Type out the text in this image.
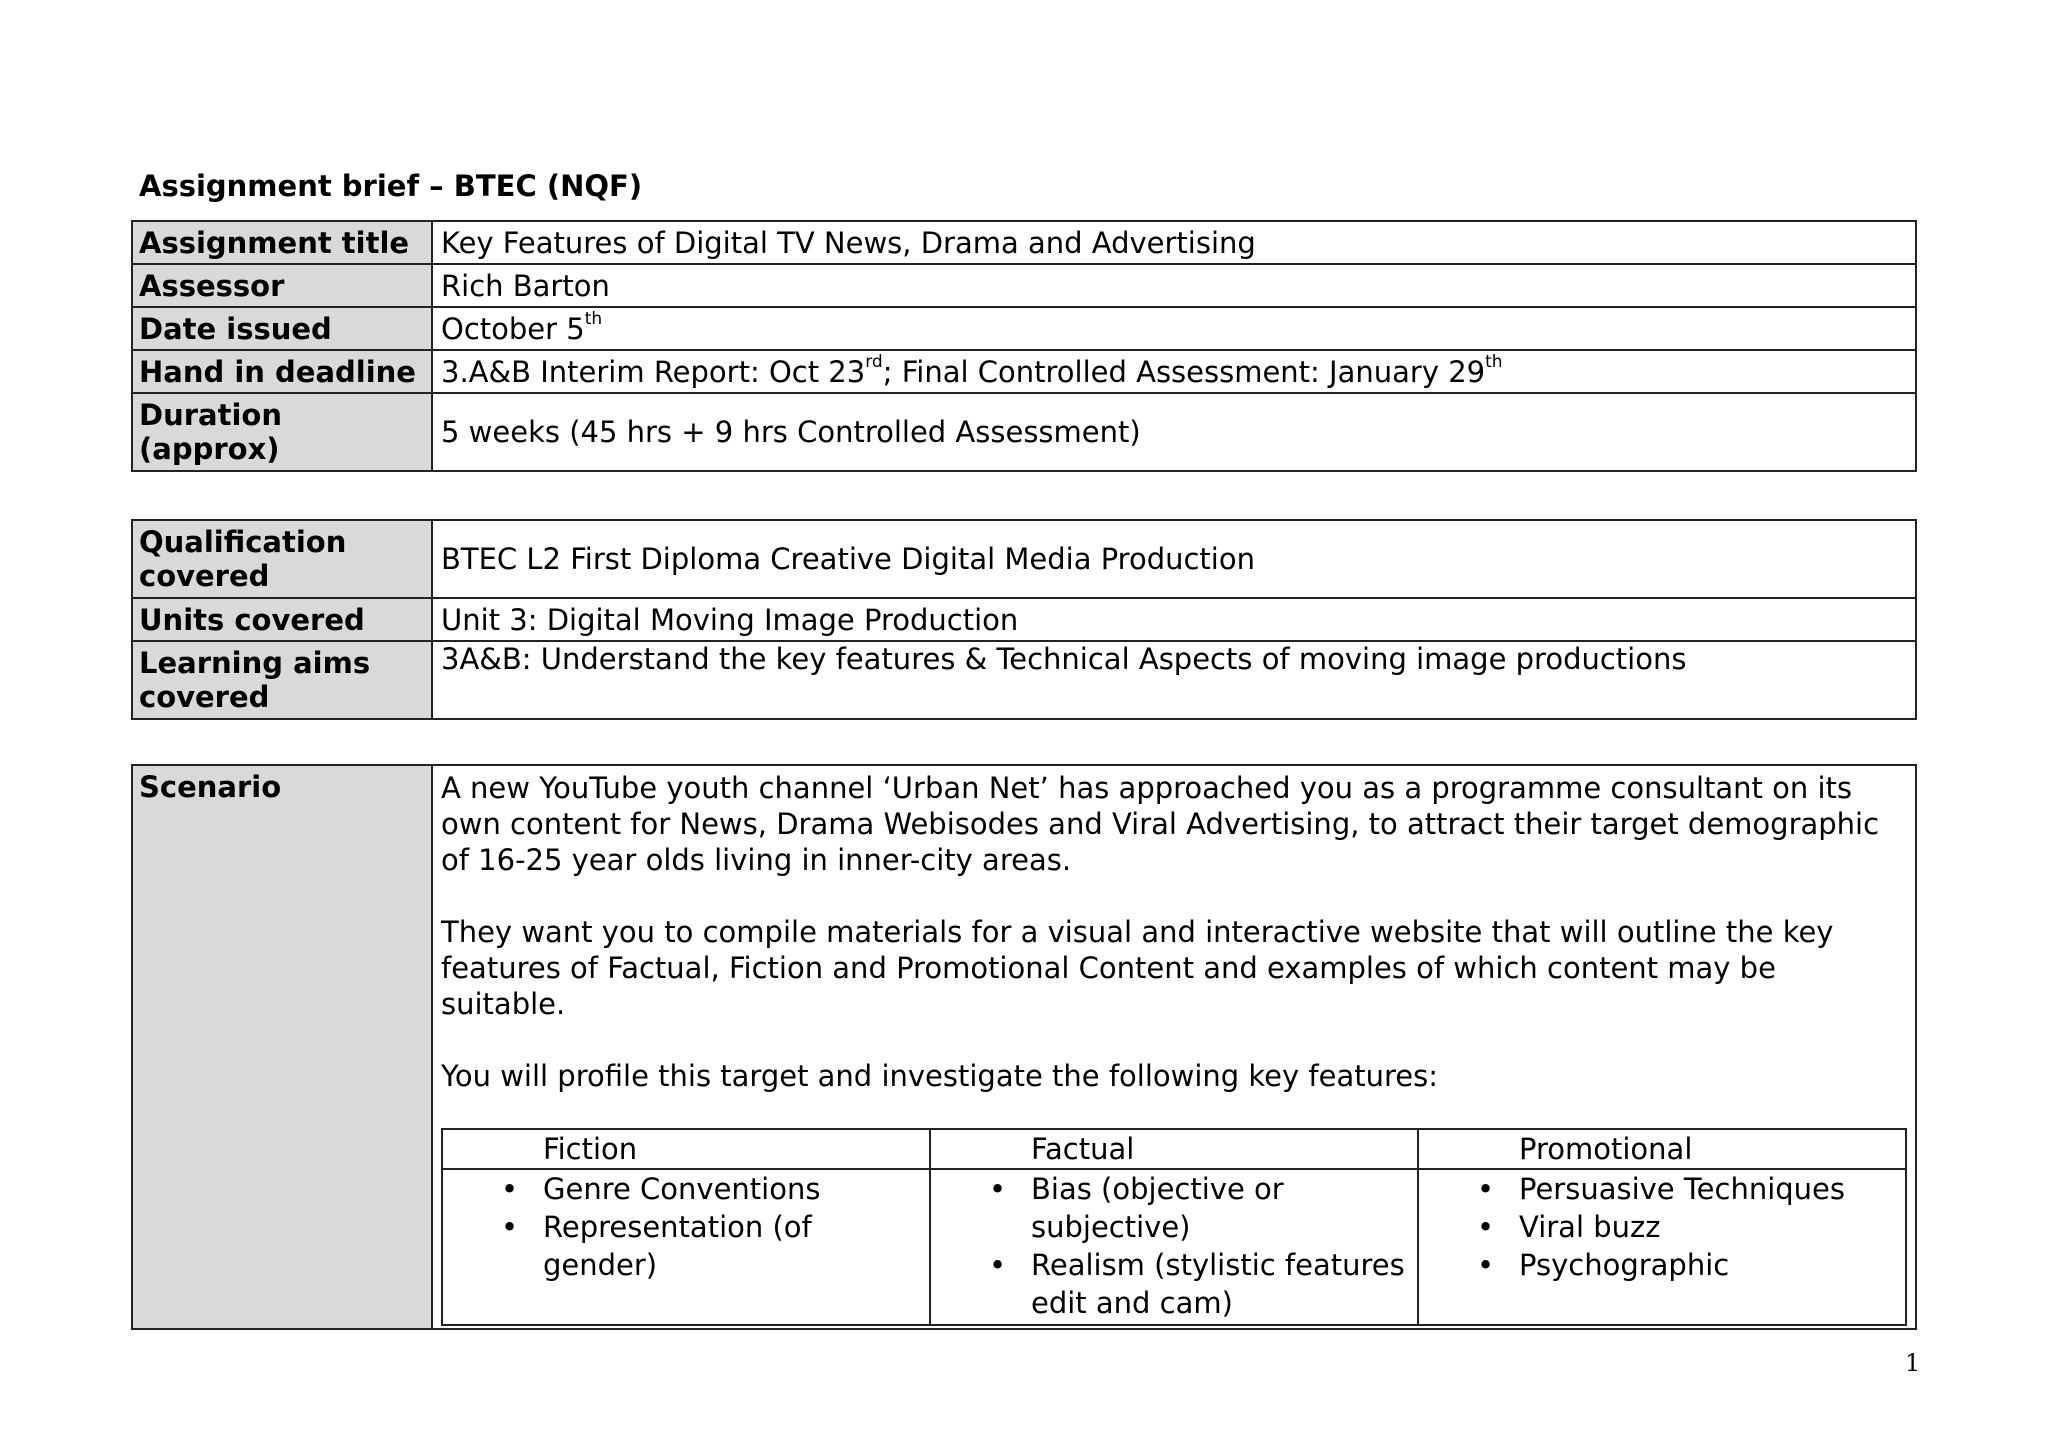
Assignment brief – BTEC (NQF)
Assignment title	Key Features of Digital TV News, Drama and Advertising
Assessor	Rich Barton
Date issued	October 5th
Hand in deadline	3.A&B Interim Report: Oct 23rd; Final Controlled Assessment: January 29th
Duration (approx)	5 weeks (45 hrs + 9 hrs Controlled Assessment)
Qualification covered	BTEC L2 First Diploma Creative Digital Media Production
Units covered	Unit 3: Digital Moving Image Production
Learning aims covered	3A&B: Understand the key features & Technical Aspects of moving image productions
Scenario	A new YouTube youth channel ‘Urban Net’ has approached you as a programme consultant on its own content for News, Drama Webisodes and Viral Advertising, to attract their target demographic of 16-25 year olds living in inner-city areas.

They want you to compile materials for a visual and interactive website that will outline the key features of Factual, Fiction and Promotional Content and examples of which content may be suitable.

You will profile this target and investigate the following key features:

Fiction	Factual	Promotional

• Genre Conventions
• Representation (of gender)

• Bias (objective or subjective)
• Realism (stylistic features edit and cam)

• Persuasive Techniques
• Viral buzz
• Psychographic
1
